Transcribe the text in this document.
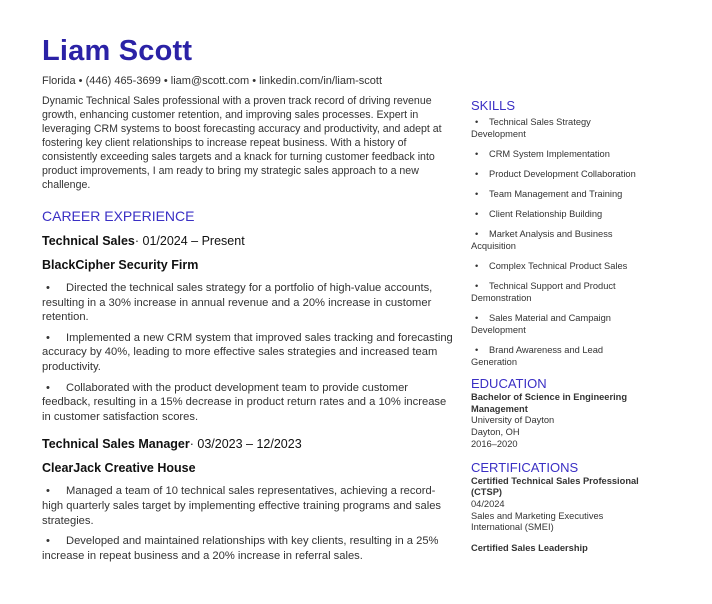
Liam Scott
Florida • (446) 465-3699 • liam@scott.com • linkedin.com/in/liam-scott
Dynamic Technical Sales professional with a proven track record of driving revenue growth, enhancing customer retention, and improving sales processes. Expert in leveraging CRM systems to boost forecasting accuracy and productivity, and adept at fostering key client relationships to increase repeat business. With a history of consistently exceeding sales targets and a knack for turning customer feedback into product improvements, I am ready to bring my strategic sales approach to a new challenge.
CAREER EXPERIENCE
Technical Sales· 01/2024 – Present
BlackCipher Security Firm
• Directed the technical sales strategy for a portfolio of high-value accounts, resulting in a 30% increase in annual revenue and a 20% increase in customer retention.
• Implemented a new CRM system that improved sales tracking and forecasting accuracy by 40%, leading to more effective sales strategies and increased team productivity.
• Collaborated with the product development team to provide customer feedback, resulting in a 15% decrease in product return rates and a 10% increase in customer satisfaction scores.
Technical Sales Manager· 03/2023 – 12/2023
ClearJack Creative House
• Managed a team of 10 technical sales representatives, achieving a record-high quarterly sales target by implementing effective training programs and sales strategies.
• Developed and maintained relationships with key clients, resulting in a 25% increase in repeat business and a 20% increase in referral sales.
SKILLS
• Technical Sales Strategy Development
• CRM System Implementation
• Product Development Collaboration
• Team Management and Training
• Client Relationship Building
• Market Analysis and Business Acquisition
• Complex Technical Product Sales
• Technical Support and Product Demonstration
• Sales Material and Campaign Development
• Brand Awareness and Lead Generation
EDUCATION
Bachelor of Science in Engineering Management
University of Dayton
Dayton, OH
2016–2020
CERTIFICATIONS
Certified Technical Sales Professional (CTSP)
04/2024
Sales and Marketing Executives International (SMEI)
Certified Sales Leadership
